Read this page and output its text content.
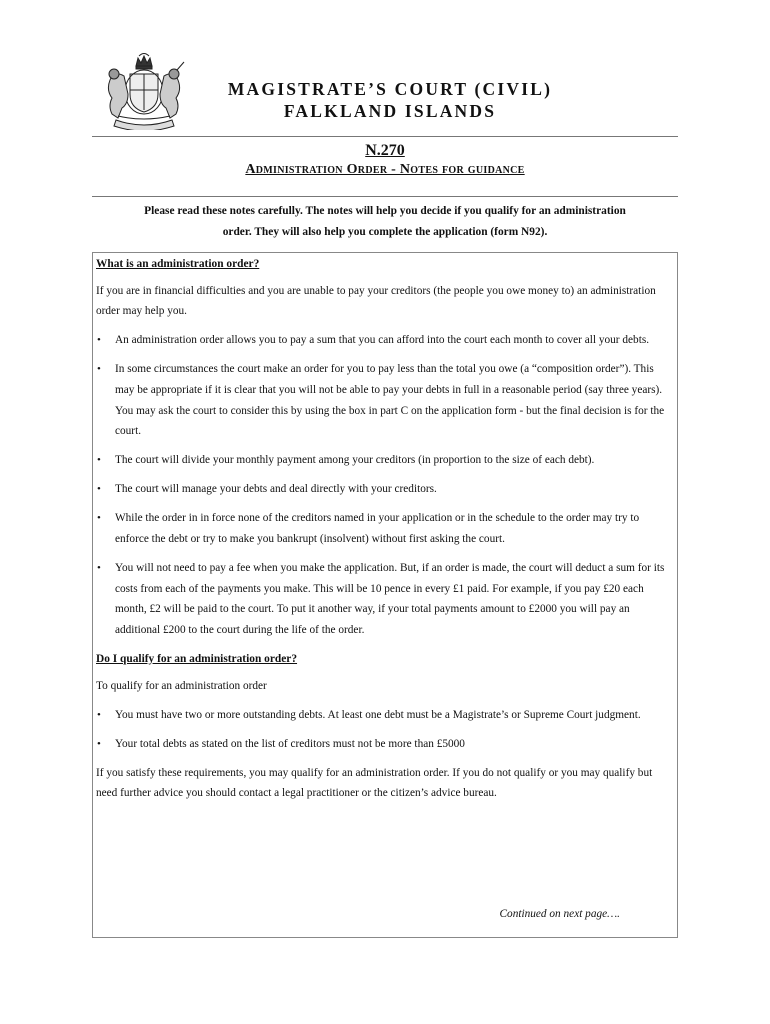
MAGISTRATE’S COURT (CIVIL)
FALKLAND ISLANDS
N.270
Administration Order - Notes for guidance
Please read these notes carefully. The notes will help you decide if you qualify for an administration
order. They will also help you complete the application (form N92).
What is an administration order?

If you are in financial difficulties and you are unable to pay your creditors (the people you owe money to) an administration order may help you.

• An administration order allows you to pay a sum that you can afford into the court each month to cover all your debts.
• In some circumstances the court make an order for you to pay less than the total you owe (a “composition order”). This may be appropriate if it is clear that you will not be able to pay your debts in full in a reasonable period (say three years). You may ask the court to consider this by using the box in part C on the application form - but the final decision is for the court.
• The court will divide your monthly payment among your creditors (in proportion to the size of each debt).
• The court will manage your debts and deal directly with your creditors.
• While the order in in force none of the creditors named in your application or in the schedule to the order may try to enforce the debt or try to make you bankrupt (insolvent) without first asking the court.
• You will not need to pay a fee when you make the application. But, if an order is made, the court will deduct a sum for its costs from each of the payments you make. This will be 10 pence in every £1 paid. For example, if you pay £20 each month, £2 will be paid to the court. To put it another way, if your total payments amount to £2000 you will pay an additional £200 to the court during the life of the order.
Do I qualify for an administration order?

To qualify for an administration order

• You must have two or more outstanding debts. At least one debt must be a Magistrate’s or Supreme Court judgment.
• Your total debts as stated on the list of creditors must not be more than £5000

If you satisfy these requirements, you may qualify for an administration order. If you do not qualify or you may qualify but need further advice you should contact a legal practitioner or the citizen’s advice bureau.

Continued on next page….
